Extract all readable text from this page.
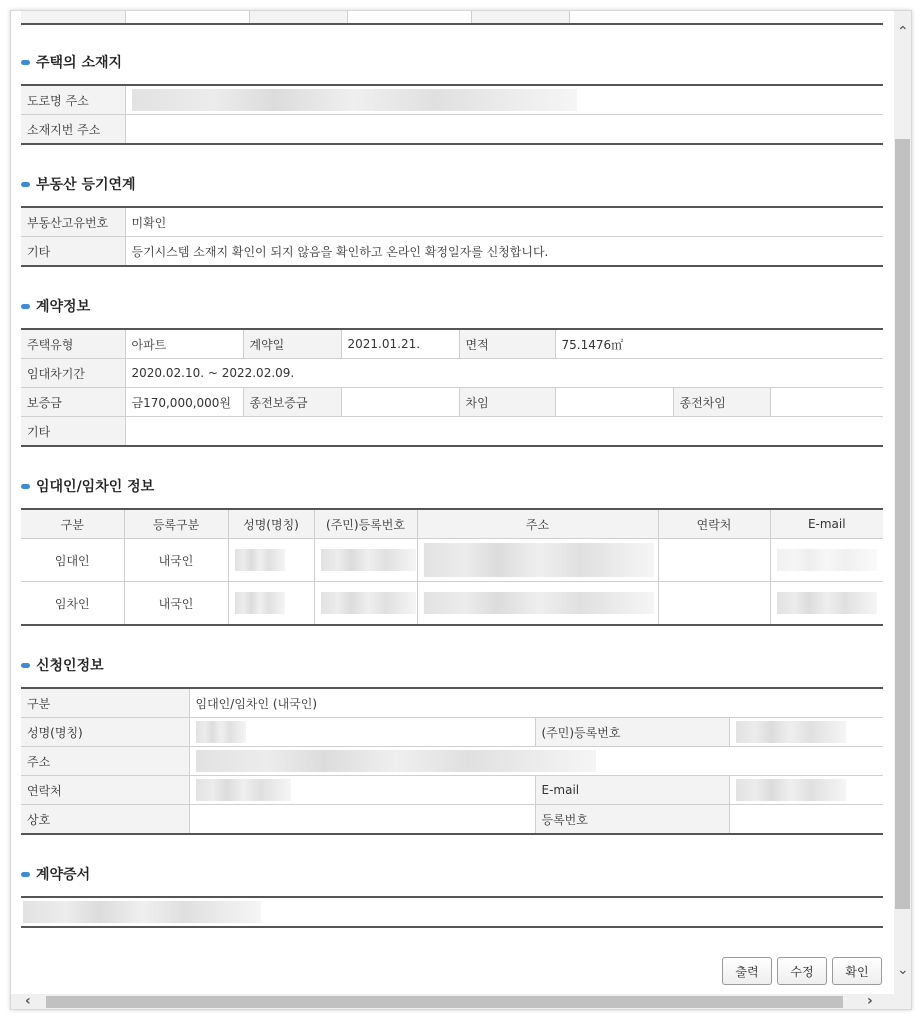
주택의 소재지
도로명 주소	
소재지번 주소	
부동산 등기연계
부동산고유번호	미확인
기타	등기시스템 소재지 확인이 되지 않음을 확인하고 온라인 확정일자를 신청합니다.
계약정보
주택유형	아파트	계약일	2021.01.21.	면적	75.1476㎡		
임대차기간	2020.02.10. ~ 2022.02.09.						
보증금	금170,000,000원	종전보증금		차임		종전차임	
기타							
임대인/임차인 정보
구분	등록구분	성명(명칭)	(주민)등록번호	주소	연락처	E-mail
임대인	내국인					
임차인	내국인					
신청인정보
구분	임대인/임차인 (내국인)		
성명(명칭)		(주민)등록번호	
주소			
연락처		E-mail	
상호		등록번호	
계약증서
출력	수정	확인
⌃
⌄
‹	›
